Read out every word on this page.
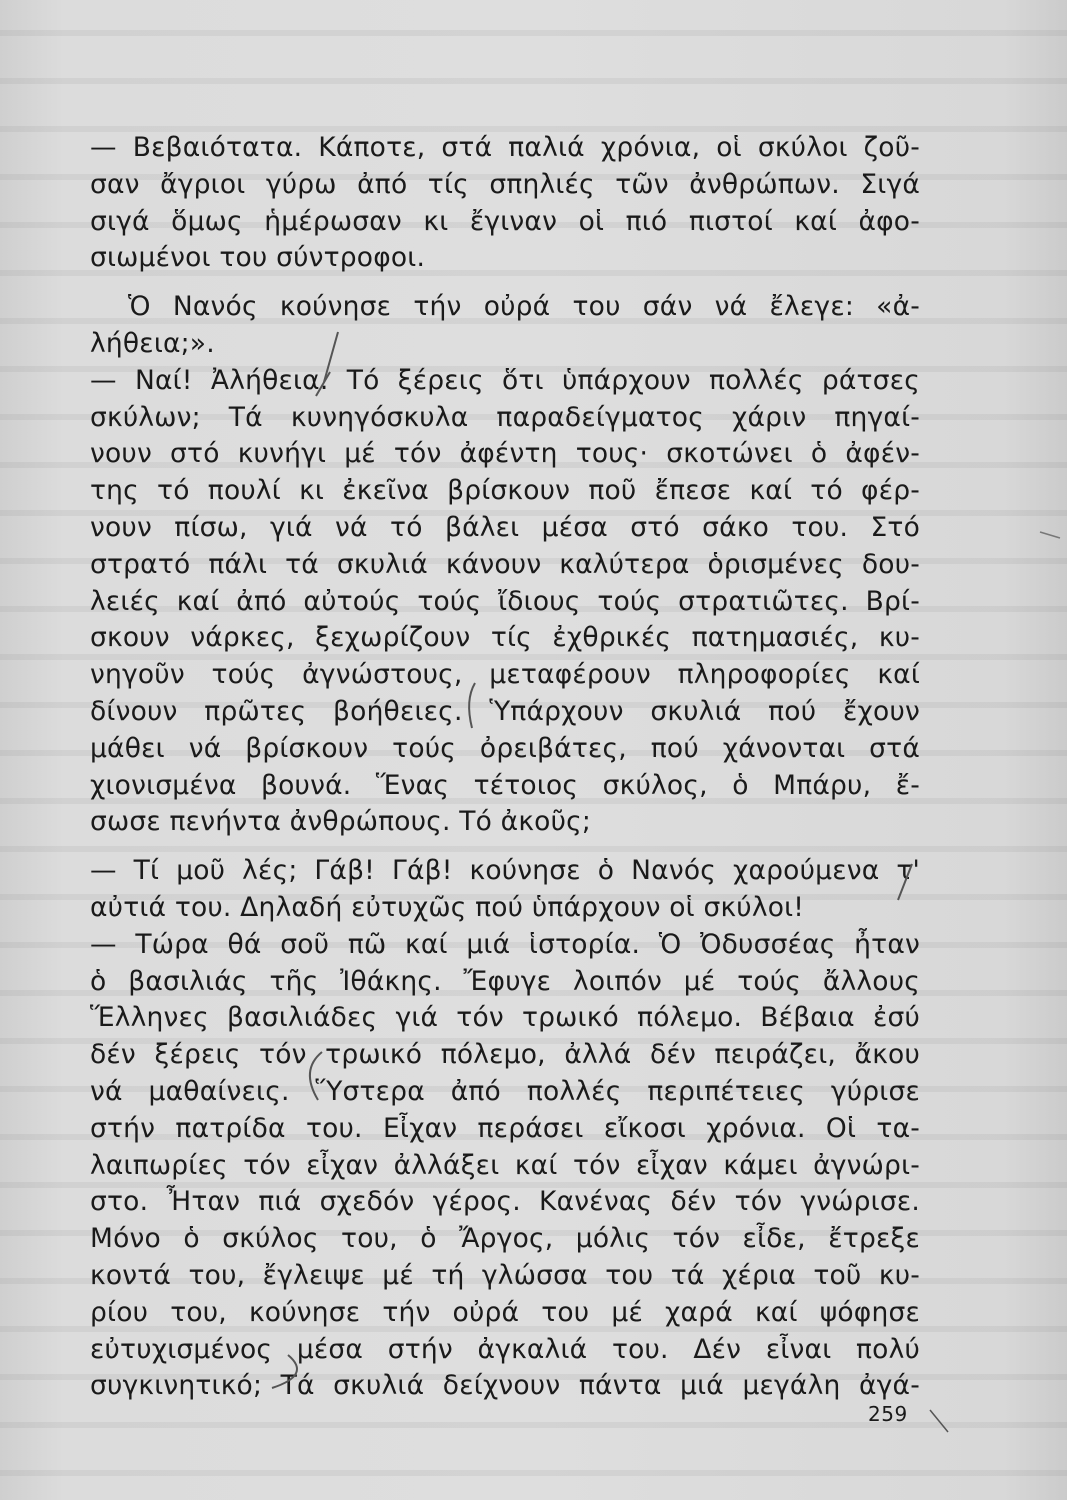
— Βεβαιότατα. Κάποτε, στά παλιά χρόνια, οἱ σκύλοι ζοῦ-
σαν ἄγριοι γύρω ἀπό τίς σπηλιές τῶν ἀνθρώπων. Σιγά
σιγά ὅμως ἡμέρωσαν κι ἔγιναν οἱ πιό πιστοί καί ἀφο-
σιωμένοι του σύντροφοι.
Ὁ Νανός κούνησε τήν οὐρά του σάν νά ἔλεγε: «ἀ-
λήθεια;».
— Ναί! Ἀλήθεια. Τό ξέρεις ὅτι ὑπάρχουν πολλές ράτσες
σκύλων; Τά κυνηγόσκυλα παραδείγματος χάριν πηγαί-
νουν στό κυνήγι μέ τόν ἀφέντη τους· σκοτώνει ὁ ἀφέν-
της τό πουλί κι ἐκεῖνα βρίσκουν ποῦ ἔπεσε καί τό φέρ-
νουν πίσω, γιά νά τό βάλει μέσα στό σάκο του. Στό
στρατό πάλι τά σκυλιά κάνουν καλύτερα ὁρισμένες δου-
λειές καί ἀπό αὐτούς τούς ἴδιους τούς στρατιῶτες. Βρί-
σκουν νάρκες, ξεχωρίζουν τίς ἐχθρικές πατημασιές, κυ-
νηγοῦν τούς ἀγνώστους, μεταφέρουν πληροφορίες καί
δίνουν πρῶτες βοήθειες. Ὑπάρχουν σκυλιά πού ἔχουν
μάθει νά βρίσκουν τούς ὀρειβάτες, πού χάνονται στά
χιονισμένα βουνά. Ἕνας τέτοιος σκύλος, ὁ Μπάρυ, ἔ-
σωσε πενήντα ἀνθρώπους. Τό ἀκοῦς;
— Τί μοῦ λές; Γάβ! Γάβ! κούνησε ὁ Νανός χαρούμενα τ'
αὐτιά του. Δηλαδή εὐτυχῶς πού ὑπάρχουν οἱ σκύλοι!
— Τώρα θά σοῦ πῶ καί μιά ἱστορία. Ὁ Ὀδυσσέας ἦταν
ὁ βασιλιάς τῆς Ἰθάκης. Ἔφυγε λοιπόν μέ τούς ἄλλους
Ἕλληνες βασιλιάδες γιά τόν τρωικό πόλεμο. Βέβαια ἐσύ
δέν ξέρεις τόν τρωικό πόλεμο, ἀλλά δέν πειράζει, ἄκου
νά μαθαίνεις. Ὕστερα ἀπό πολλές περιπέτειες γύρισε
στήν πατρίδα του. Εἶχαν περάσει εἴκοσι χρόνια. Οἱ τα-
λαιπωρίες τόν εἶχαν ἀλλάξει καί τόν εἶχαν κάμει ἀγνώρι-
στο. Ἦταν πιά σχεδόν γέρος. Κανένας δέν τόν γνώρισε.
Μόνο ὁ σκύλος του, ὁ Ἄργος, μόλις τόν εἶδε, ἔτρεξε
κοντά του, ἔγλειψε μέ τή γλώσσα του τά χέρια τοῦ κυ-
ρίου του, κούνησε τήν οὐρά του μέ χαρά καί ψόφησε
εὐτυχισμένος μέσα στήν ἀγκαλιά του. Δέν εἶναι πολύ
συγκινητικό; Τά σκυλιά δείχνουν πάντα μιά μεγάλη ἀγά-
259
